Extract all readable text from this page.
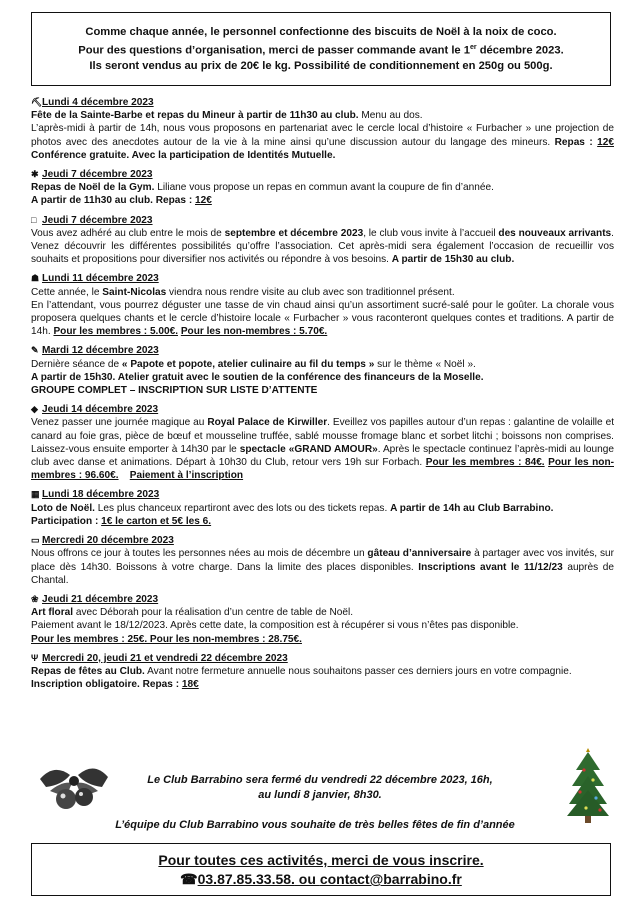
Comme chaque année, le personnel confectionne des biscuits de Noël à la noix de coco.
Pour des questions d’organisation, merci de passer commande avant le 1er décembre 2023.
Ils seront vendus au prix de 20€ le kg. Possibilité de conditionnement en 250g ou 500g.
⛏Lundi 4 décembre 2023
Fête de la Sainte-Barbe et repas du Mineur à partir de 11h30 au club. Menu au dos.
L’après-midi à partir de 14h, nous vous proposons en partenariat avec le cercle local d’histoire « Furbacher » une projection de photos avec des anecdotes autour de la vie à la mine ainsi qu’une discussion autour du langage des mineurs. Repas : 12€ Conférence gratuite. Avec la participation de Identités Mutuelle.
✱ Jeudi 7 décembre 2023
Repas de Noël de la Gym. Liliane vous propose un repas en commun avant la coupure de fin d’année.
A partir de 11h30 au club. Repas : 12€
□ Jeudi 7 décembre 2023
Vous avez adhéré au club entre le mois de septembre et décembre 2023, le club vous invite à l’accueil des nouveaux arrivants. Venez découvrir les différentes possibilités qu’offre l’association. Cet après-midi sera également l’occasion de recueillir vos souhaits et propositions pour diversifier nos activités ou répondre à vos besoins. A partir de 15h30 au club.
☗ Lundi 11 décembre 2023
Cette année, le Saint-Nicolas viendra nous rendre visite au club avec son traditionnel présent.
En l’attendant, vous pourrez déguster une tasse de vin chaud ainsi qu’un assortiment sucré-salé pour le goûter. La chorale vous proposera quelques chants et le cercle d’histoire locale « Furbacher » vous raconteront quelques contes et traditions. A partir de 14h. Pour les membres : 5.00€. Pour les non-membres : 5.70€.
✎ Mardi 12 décembre 2023
Dernière séance de « Papote et popote, atelier culinaire au fil du temps » sur le thème « Noël ».
A partir de 15h30. Atelier gratuit avec le soutien de la conférence des financeurs de la Moselle.
GROUPE COMPLET – INSCRIPTION SUR LISTE D’ATTENTE
◆ Jeudi 14 décembre 2023
Venez passer une journée magique au Royal Palace de Kirwiller. Eveillez vos papilles autour d’un repas : galantine de volaille et canard au foie gras, pièce de bœuf et mousseline truffée, sablé mousse fromage blanc et sorbet litchi ; boissons non comprises. Laissez-vous ensuite emporter à 14h30 par le spectacle «GRAND AMOUR». Après le spectacle continuez l’après-midi au lounge club avec danse et animations. Départ à 10h30 du Club, retour vers 19h sur Forbach. Pour les membres : 84€. Pour les non-membres : 96.60€. Paiement à l’inscription
▦ Lundi 18 décembre 2023
Loto de Noël. Les plus chanceux repartiront avec des lots ou des tickets repas. A partir de 14h au Club Barrabino.
Participation : 1€ le carton et 5€ les 6.
▭ Mercredi 20 décembre 2023
Nous offrons ce jour à toutes les personnes nées au mois de décembre un gâteau d’anniversaire à partager avec vos invités, sur place dès 14h30. Boissons à votre charge. Dans la limite des places disponibles. Inscriptions avant le 11/12/23 auprès de Chantal.
❀ Jeudi 21 décembre 2023
Art floral avec Déborah pour la réalisation d’un centre de table de Noël.
Paiement avant le 18/12/2023. Après cette date, la composition est à récupérer si vous n’êtes pas disponible.
Pour les membres : 25€. Pour les non-membres : 28.75€.
Ψ Mercredi 20, jeudi 21 et vendredi 22 décembre 2023
Repas de fêtes au Club. Avant notre fermeture annuelle nous souhaitons passer ces derniers jours en votre compagnie. Inscription obligatoire. Repas : 18€
Le Club Barrabino sera fermé du vendredi 22 décembre 2023, 16h,
au lundi 8 janvier, 8h30.
L’équipe du Club Barrabino vous souhaite de très belles fêtes de fin d’année
Pour toutes ces activités, merci de vous inscrire.
☎03.87.85.33.58. ou contact@barrabino.fr
